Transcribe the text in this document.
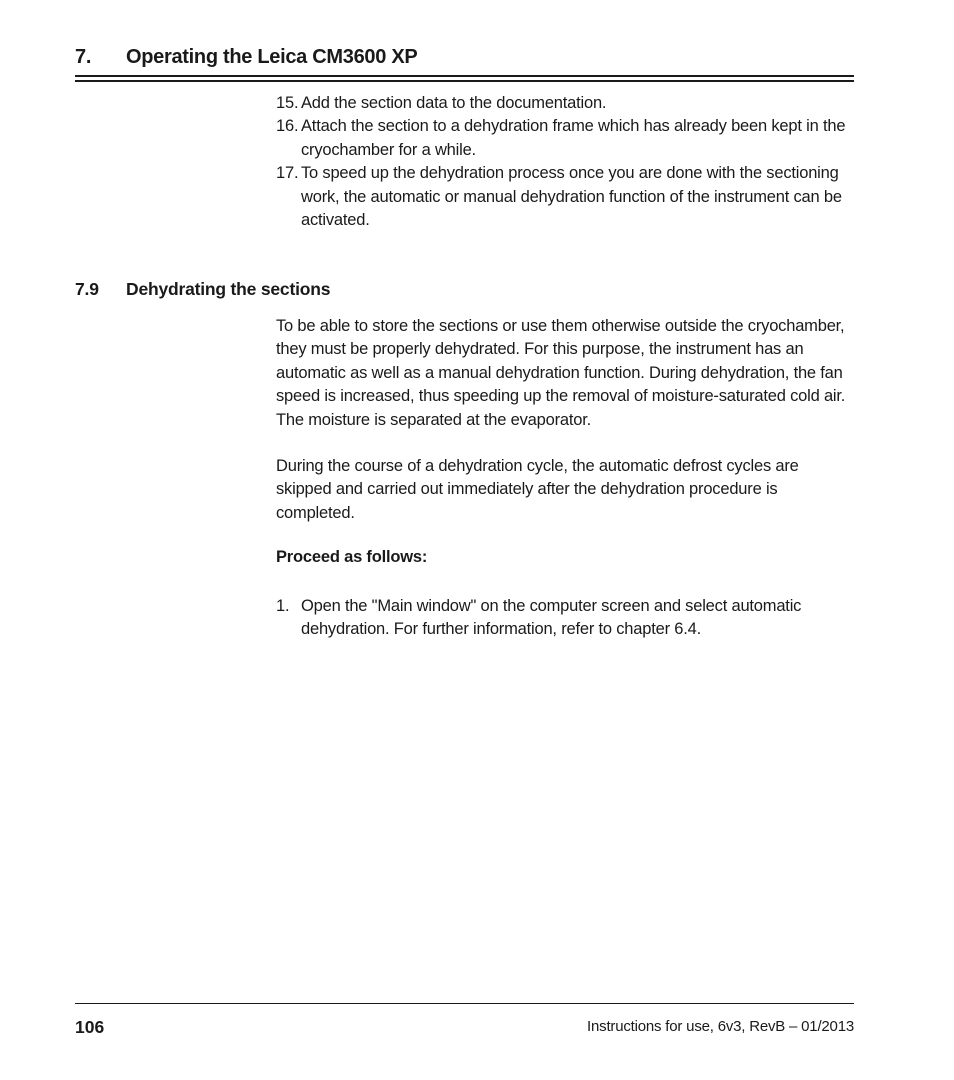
7. Operating the Leica CM3600 XP
15. Add the section data to the documentation.
16. Attach the section to a dehydration frame which has already been kept in the cryochamber for a while.
17. To speed up the dehydration process once you are done with the sectioning work, the automatic or manual dehydration function of the instrument can be activated.
7.9 Dehydrating the sections

To be able to store the sections or use them otherwise outside the cryochamber, they must be properly dehydrated. For this purpose, the instrument has an automatic as well as a manual dehydration function. During dehydration, the fan speed is increased, thus speeding up the removal of moisture-saturated cold air. The moisture is separated at the evaporator.

During the course of a dehydration cycle, the automatic defrost cycles are skipped and carried out immediately after the dehydration procedure is completed.

Proceed as follows:
1. Open the "Main window" on the computer screen and select automatic dehydration. For further information, refer to chapter 6.4.
106	Instructions for use, 6v3, RevB – 01/2013
